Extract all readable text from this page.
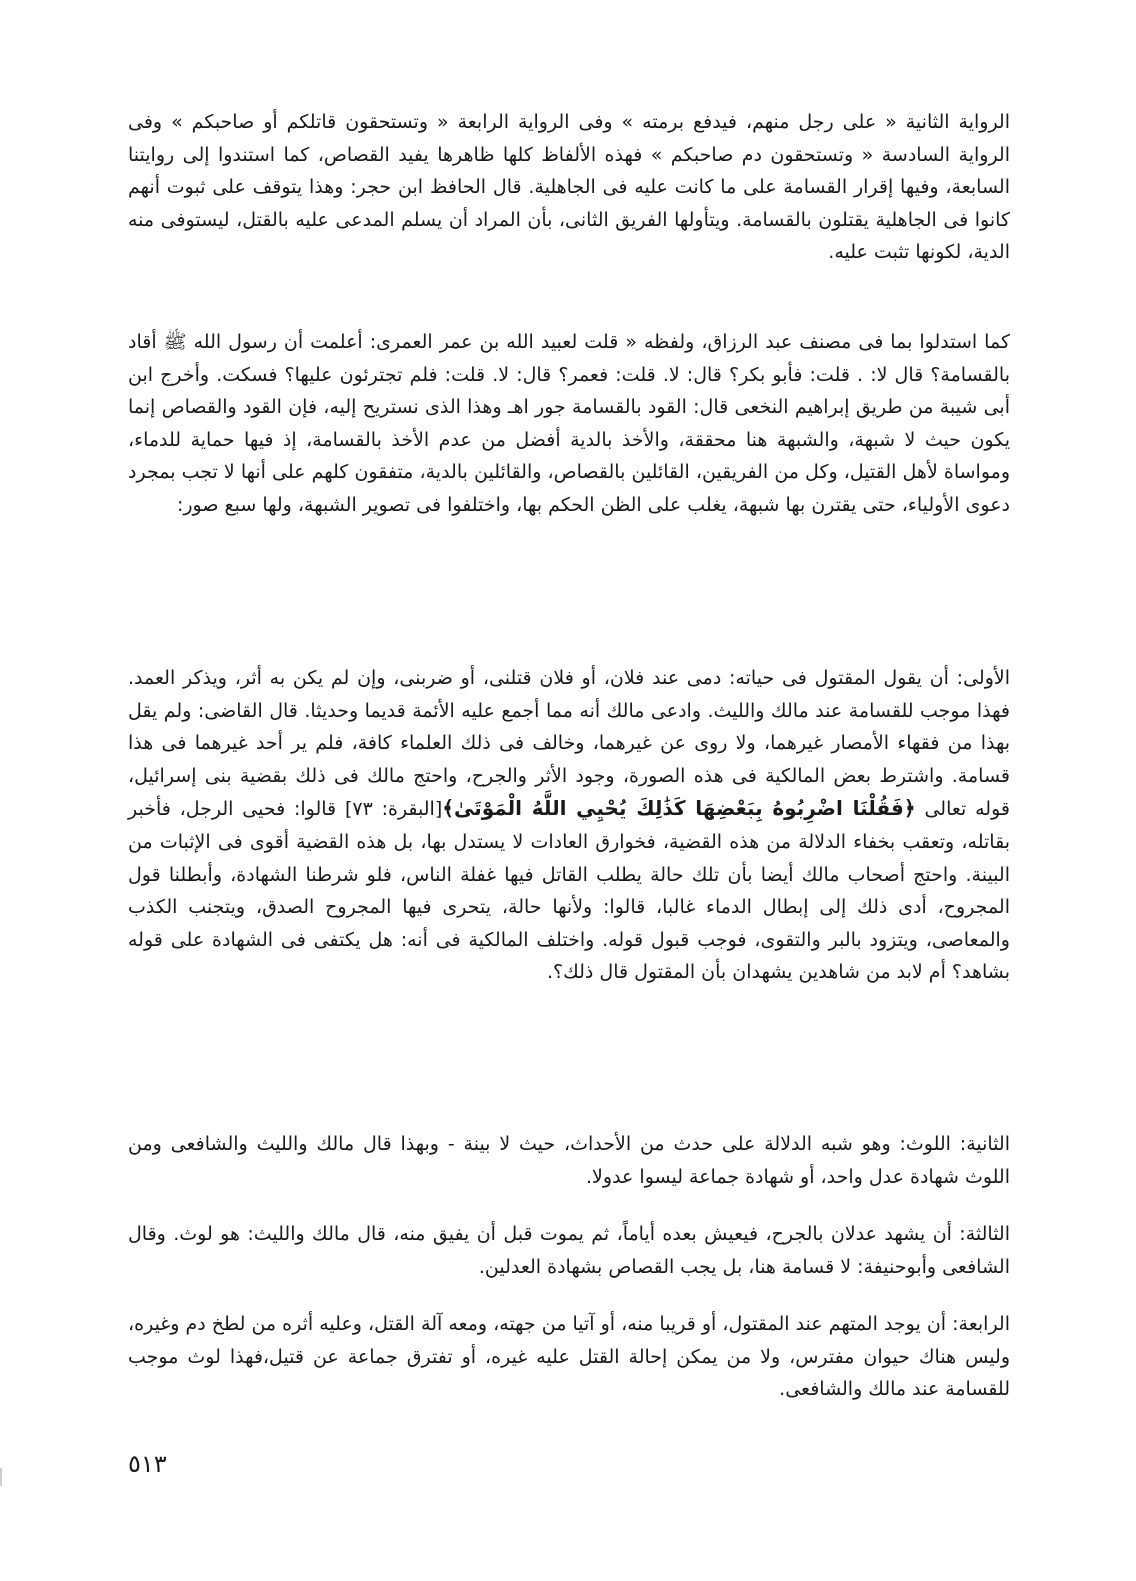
الرواية الثانية « على رجل منهم، فيدفع برمته » وفى الرواية الرابعة « وتستحقون قاتلكم أو صاحبكم » وفى الرواية السادسة « وتستحقون دم صاحبكم » فهذه الألفاظ كلها ظاهرها يفيد القصاص، كما استندوا إلى روايتنا السابعة، وفيها إقرار القسامة على ما كانت عليه فى الجاهلية. قال الحافظ ابن حجر: وهذا يتوقف على ثبوت أنهم كانوا فى الجاهلية يقتلون بالقسامة. ويتأولها الفريق الثانى، بأن المراد أن يسلم المدعى عليه بالقتل، ليستوفى منه الدية، لكونها تثبت عليه.

كما استدلوا بما فى مصنف عبد الرزاق، ولفظه « قلت لعبيد الله بن عمر العمرى: أعلمت أن رسول الله ﷺ أقاد بالقسامة؟ قال لا: . قلت: فأبو بكر؟ قال: لا. قلت: فعمر؟ قال: لا. قلت: فلم تجترئون عليها؟ فسكت. وأخرج ابن أبى شيبة من طريق إبراهيم النخعى قال: القود بالقسامة جور اهـ وهذا الذى نستريح إليه، فإن القود والقصاص إنما يكون حيث لا شبهة، والشبهة هنا محققة، والأخذ بالدية أفضل من عدم الأخذ بالقسامة، إذ فيها حماية للدماء، ومواساة لأهل القتيل، وكل من الفريقين، القائلين بالقصاص، والقائلين بالدية، متفقون كلهم على أنها لا تجب بمجرد دعوى الأولياء، حتى يقترن بها شبهة، يغلب على الظن الحكم بها، واختلفوا فى تصوير الشبهة، ولها سبع صور:

الأولى: أن يقول المقتول فى حياته: دمى عند فلان، أو فلان قتلنى، أو ضربنى، وإن لم يكن به أثر، ويذكر العمد. فهذا موجب للقسامة عند مالك والليث. وادعى مالك أنه مما أجمع عليه الأئمة قديما وحديثا. قال القاضى: ولم يقل بهذا من فقهاء الأمصار غيرهما، ولا روى عن غيرهما، وخالف فى ذلك العلماء كافة، فلم ير أحد غيرهما فى هذا قسامة. واشترط بعض المالكية فى هذه الصورة، وجود الأثر والجرح، واحتج مالك فى ذلك بقضية بنى إسرائيل، قوله تعالى ﴿فَقُلْنَا اضْرِبُوهُ بِبَعْضِهَا كَذَٰلِكَ يُحْيِي اللَّهُ الْمَوْتَىٰ﴾[البقرة: ٧٣] قالوا: فحيى الرجل، فأخبر بقاتله، وتعقب بخفاء الدلالة من هذه القضية، فخوارق العادات لا يستدل بها، بل هذه القضية أقوى فى الإثبات من البينة. واحتج أصحاب مالك أيضا بأن تلك حالة يطلب القاتل فيها غفلة الناس، فلو شرطنا الشهادة، وأبطلنا قول المجروح، أدى ذلك إلى إبطال الدماء غالبا، قالوا: ولأنها حالة، يتحرى فيها المجروح الصدق، ويتجنب الكذب والمعاصى، ويتزود بالبر والتقوى، فوجب قبول قوله. واختلف المالكية فى أنه: هل يكتفى فى الشهادة على قوله بشاهد؟ أم لابد من شاهدين يشهدان بأن المقتول قال ذلك؟.

الثانية: اللوث: وهو شبه الدلالة على حدث من الأحداث، حيث لا بينة - وبهذا قال مالك والليث والشافعى ومن اللوث شهادة عدل واحد، أو شهادة جماعة ليسوا عدولا.

الثالثة: أن يشهد عدلان بالجرح، فيعيش بعده أياماً، ثم يموت قبل أن يفيق منه، قال مالك والليث: هو لوث. وقال الشافعى وأبوحنيفة: لا قسامة هنا، بل يجب القصاص بشهادة العدلين.

الرابعة: أن يوجد المتهم عند المقتول، أو قريبا منه، أو آتيا من جهته، ومعه آلة القتل، وعليه أثره من لطخ دم وغيره، وليس هناك حيوان مفترس، ولا من يمكن إحالة القتل عليه غيره، أو تفترق جماعة عن قتيل،فهذا لوث موجب للقسامة عند مالك والشافعى.

٥١٣
